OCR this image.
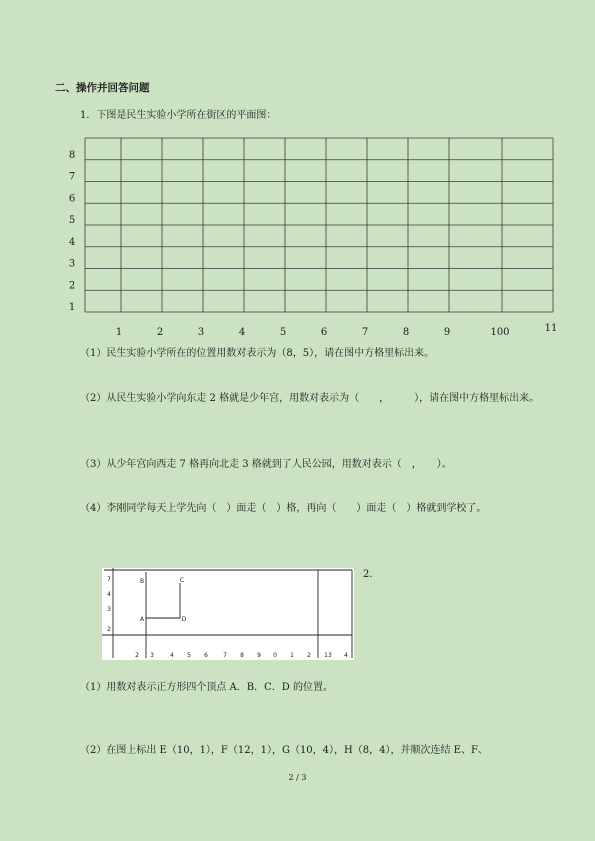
二、操作并回答问题
1．下图是民生实验小学所在街区的平面图：
8
7
6
5
4
3
2
1
1	2	3	4	5	6	7	8	9	100	11
（1）民生实验小学所在的位置用数对表示为（8，5），请在图中方格里标出来。
（2）从民生实验小学向东走 2 格就是少年宫，用数对表示为（　　，　　　），请在图中方格里标出来。
（3）从少年宫向西走 7 格再向北走 3 格就到了人民公园，用数对表示（　，　　）。
（4）李刚同学每天上学先向（　）面走（　）格，再向（　　）面走（　）格就到学校了。
7
4
3
2
2 3	4 5 6	7 8 9 0 1 2 13 4
B	C
A	D
2.
（1）用数对表示正方形四个顶点 A．B．C．D 的位置。
（2）在图上标出 E（10，1），F（12，1），G（10，4），H（8，4），并顺次连结 E、F、
2 / 3
